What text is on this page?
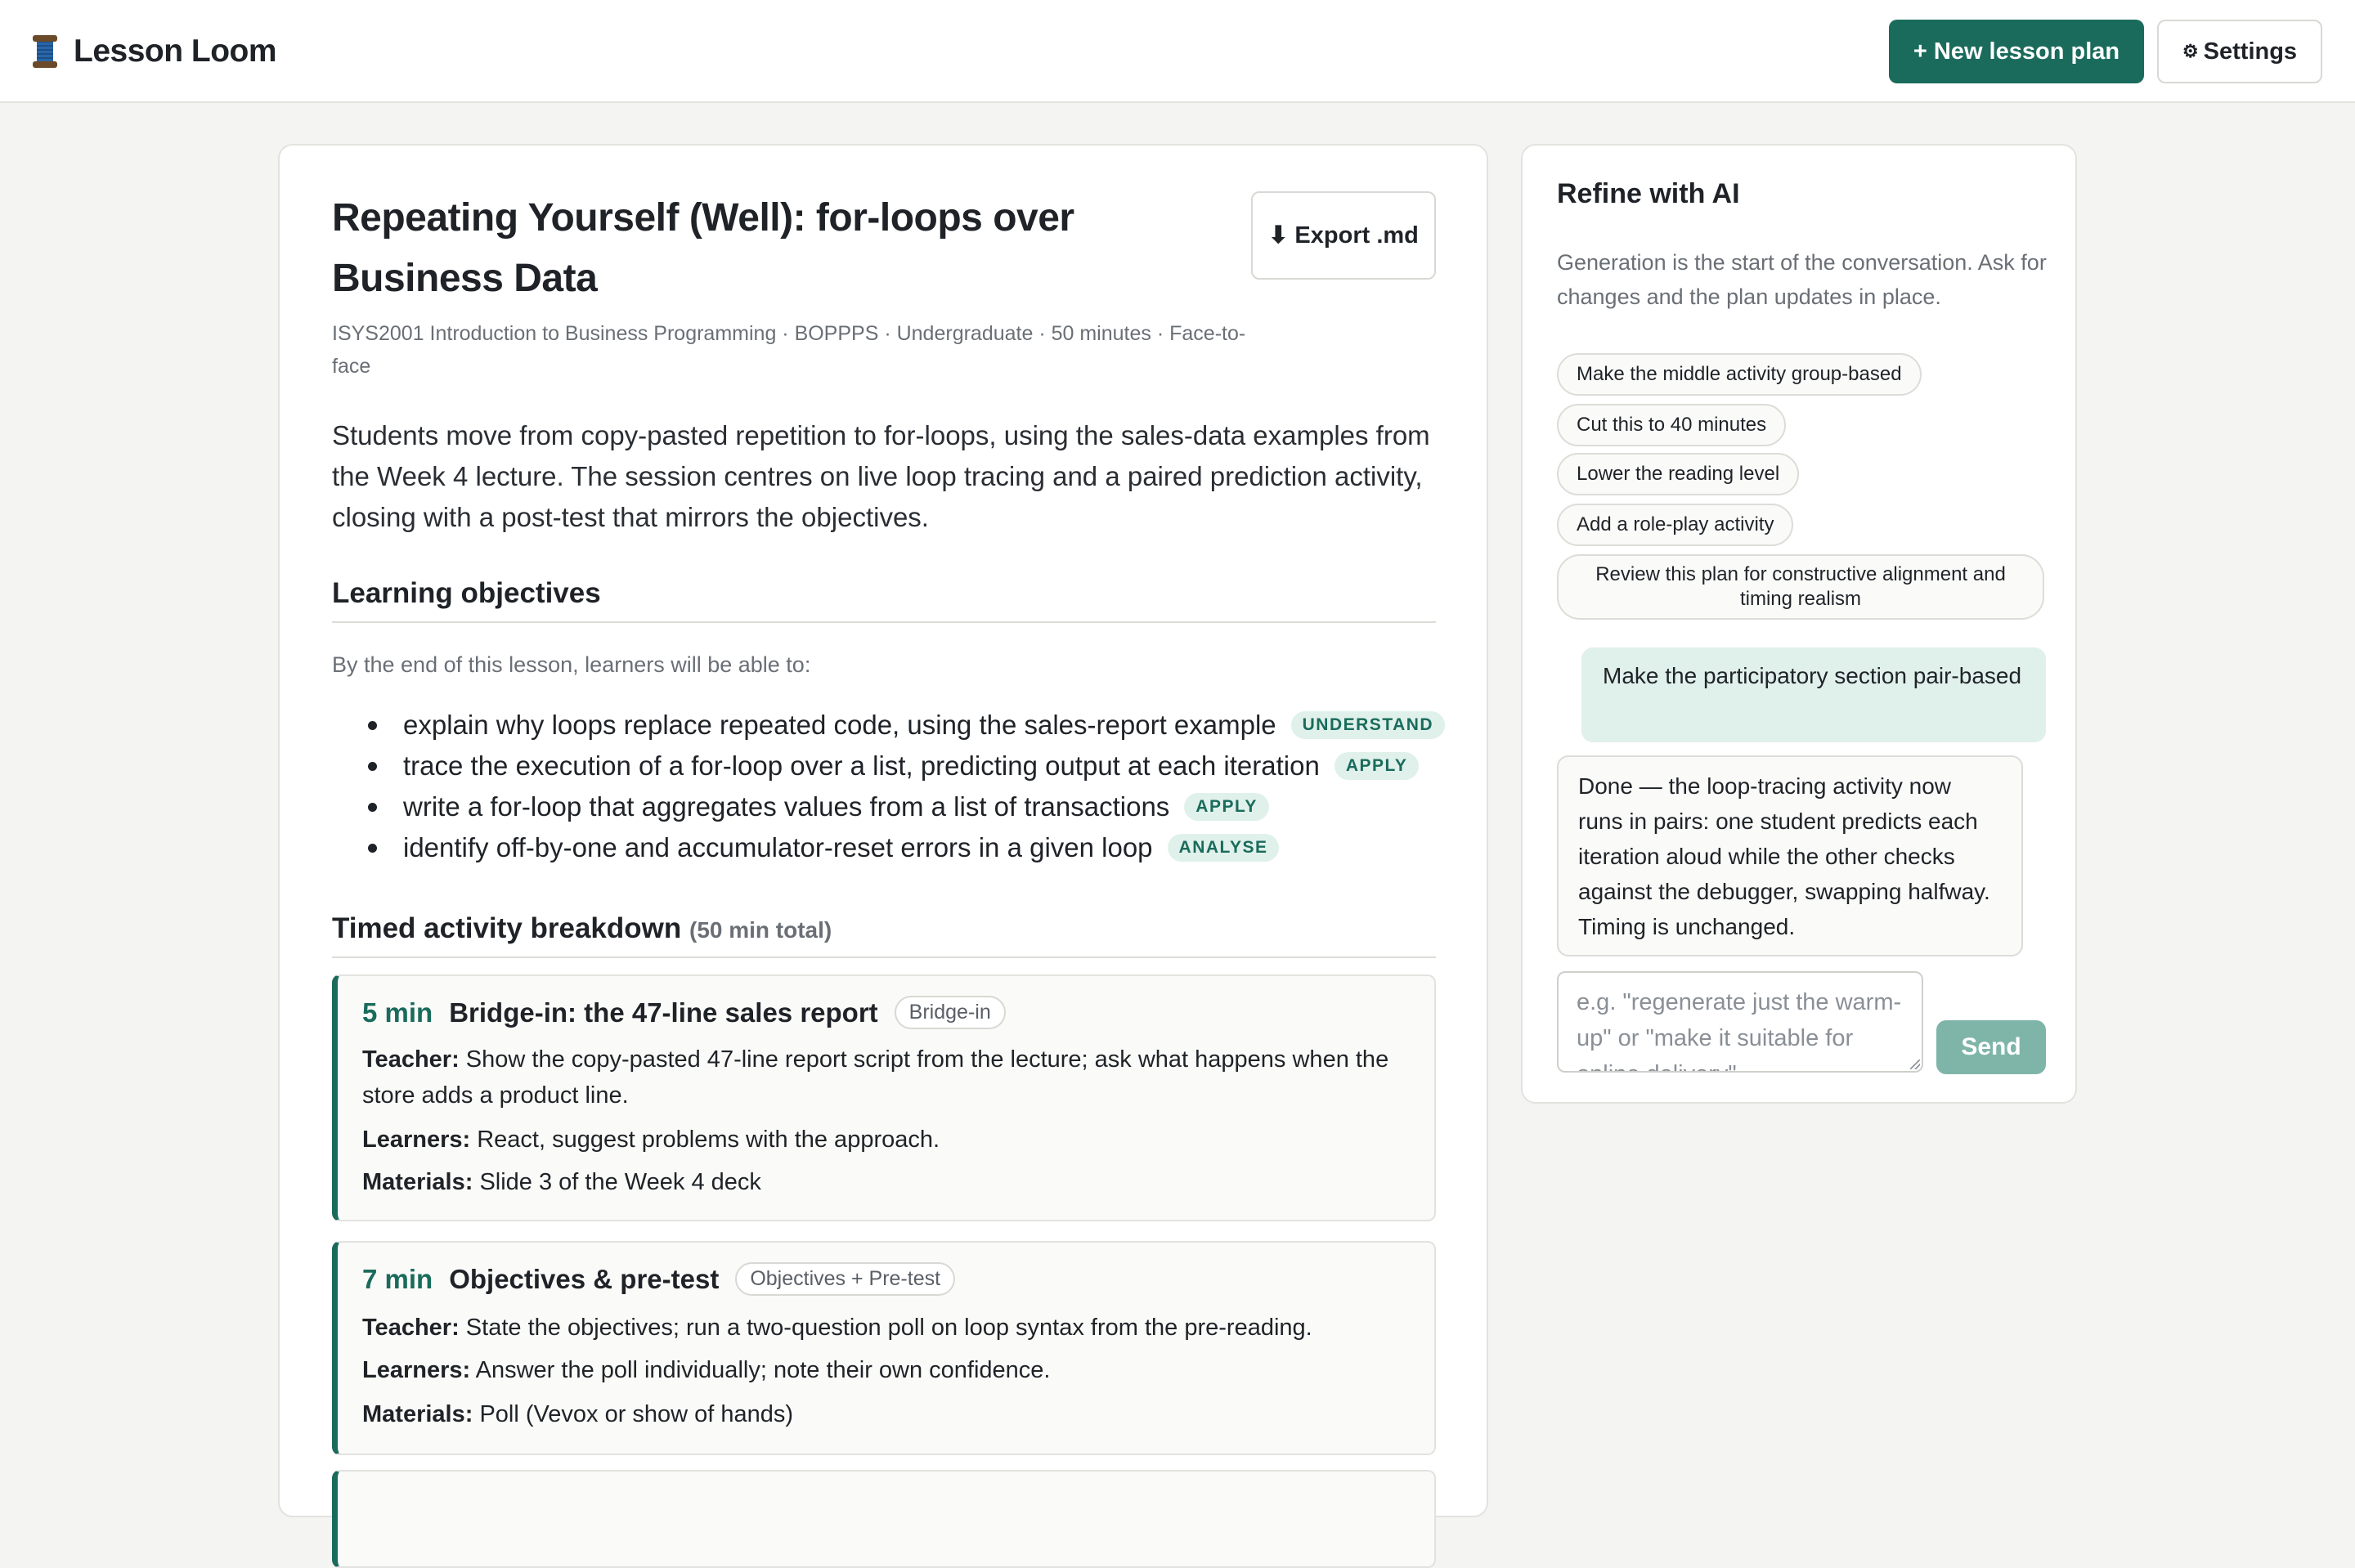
Lesson Loom	+ New lesson plan	⚙ Settings
Repeating Yourself (Well): for-loops over Business Data
⬇ Export .md
ISYS2001 Introduction to Business Programming · BOPPPS · Undergraduate · 50 minutes · Face-to-face

Students move from copy-pasted repetition to for-loops, using the sales-data examples from the Week 4 lecture. The session centres on live loop tracing and a paired prediction activity, closing with a post-test that mirrors the objectives.

Learning objectives
By the end of this lesson, learners will be able to:
explain why loops replace repeated code, using the sales-report example	UNDERSTAND
trace the execution of a for-loop over a list, predicting output at each iteration	APPLY
write a for-loop that aggregates values from a list of transactions	APPLY
identify off-by-one and accumulator-reset errors in a given loop	ANALYSE
Timed activity breakdown (50 min total)
5 min Bridge-in: the 47-line sales report	Bridge-in
Teacher: Show the copy-pasted 47-line report script from the lecture; ask what happens when the store adds a product line.
Learners: React, suggest problems with the approach.
Materials: Slide 3 of the Week 4 deck
7 min Objectives & pre-test	Objectives + Pre-test
Teacher: State the objectives; run a two-question poll on loop syntax from the pre-reading.
Learners: Answer the poll individually; note their own confidence.
Materials: Poll (Vevox or show of hands)
Refine with AI
Generation is the start of the conversation. Ask for changes and the plan updates in place.
Make the middle activity group-based
Cut this to 40 minutes
Lower the reading level
Add a role-play activity
Review this plan for constructive alignment and timing realism
Make the participatory section pair-based
Done — the loop-tracing activity now runs in pairs: one student predicts each iteration aloud while the other checks against the debugger, swapping halfway. Timing is unchanged.
e.g. "regenerate just the warm-up" or "make it suitable for online delivery"
Send
